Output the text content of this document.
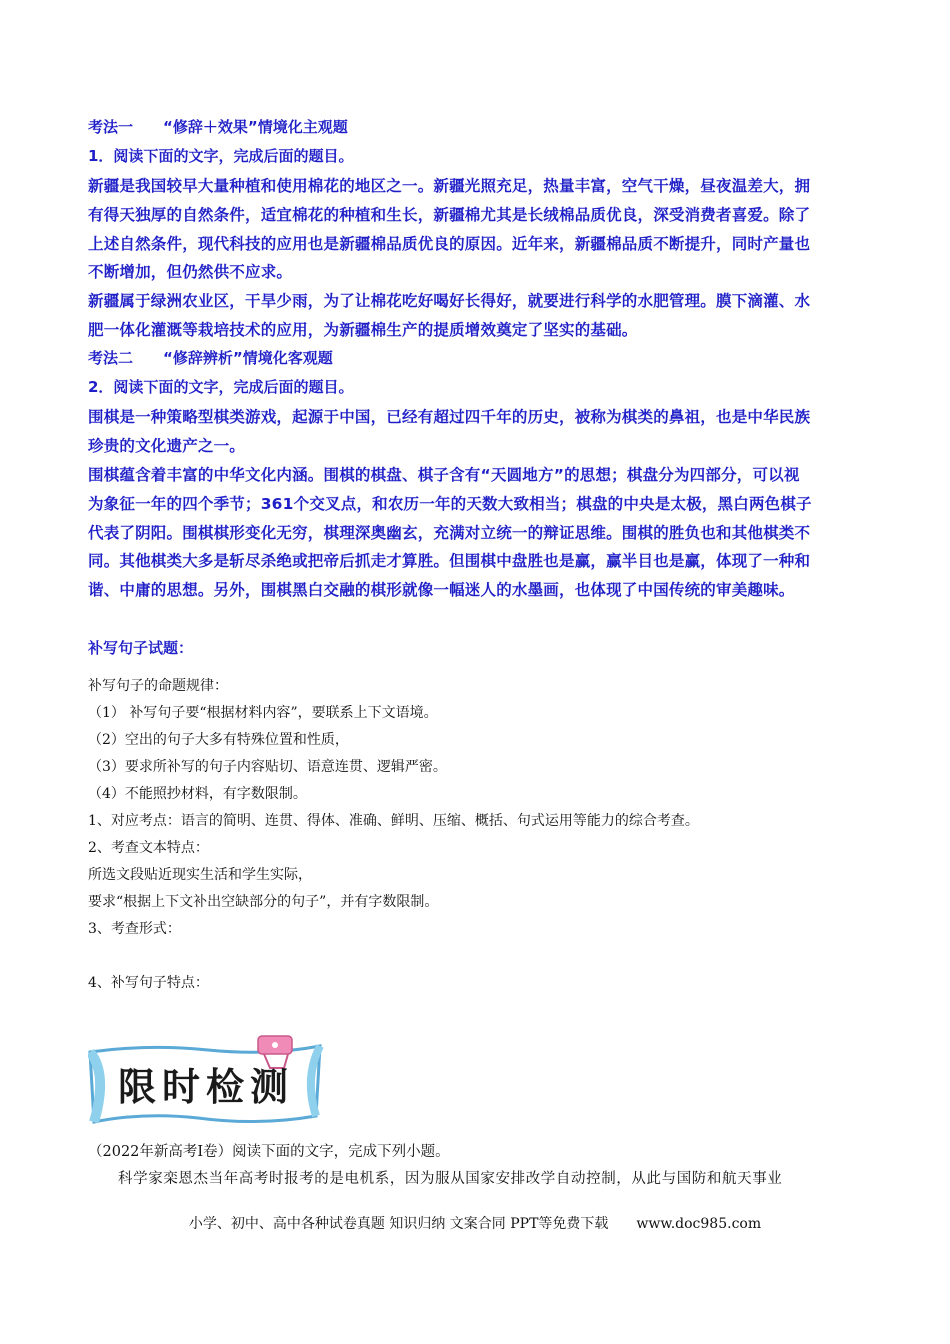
考法一 “修辞＋效果”情境化主观题
1．阅读下面的文字，完成后面的题目。
新疆是我国较早大量种植和使用棉花的地区之一。新疆光照充足，热量丰富，空气干燥，昼夜温差大，拥
有得天独厚的自然条件，适宜棉花的种植和生长，新疆棉尤其是长绒棉品质优良，深受消费者喜爱。除了
上述自然条件，现代科技的应用也是新疆棉品质优良的原因。近年来，新疆棉品质不断提升，同时产量也
不断增加，但仍然供不应求。
新疆属于绿洲农业区，干旱少雨，为了让棉花吃好喝好长得好，就要进行科学的水肥管理。膜下滴灌、水
肥一体化灌溉等栽培技术的应用，为新疆棉生产的提质增效奠定了坚实的基础。
考法二 “修辞辨析”情境化客观题
2．阅读下面的文字，完成后面的题目。
围棋是一种策略型棋类游戏，起源于中国，已经有超过四千年的历史，被称为棋类的鼻祖，也是中华民族
珍贵的文化遗产之一。
围棋蕴含着丰富的中华文化内涵。围棋的棋盘、棋子含有“天圆地方”的思想；棋盘分为四部分，可以视
为象征一年的四个季节；361个交叉点，和农历一年的天数大致相当；棋盘的中央是太极，黑白两色棋子
代表了阴阳。围棋棋形变化无穷，棋理深奥幽玄，充满对立统一的辩证思维。围棋的胜负也和其他棋类不
同。其他棋类大多是斩尽杀绝或把帝后抓走才算胜。但围棋中盘胜也是赢，赢半目也是赢，体现了一种和
谐、中庸的思想。另外，围棋黑白交融的棋形就像一幅迷人的水墨画，也体现了中国传统的审美趣味。
补写句子试题：
补写句子的命题规律：
（1） 补写句子要“根据材料内容”，要联系上下文语境。
（2）空出的句子大多有特殊位置和性质，
（3）要求所补写的句子内容贴切、语意连贯、逻辑严密。
（4）不能照抄材料，有字数限制。
1、对应考点：语言的简明、连贯、得体、准确、鲜明、压缩、概括、句式运用等能力的综合考查。
2、考查文本特点：
所选文段贴近现实生活和学生实际，
要求“根据上下文补出空缺部分的句子”，并有字数限制。
3、考查形式：
4、补写句子特点：
限时检测
（2022年新高考I卷）阅读下面的文字，完成下列小题。
科学家栾恩杰当年高考时报考的是电机系，因为服从国家安排改学自动控制，从此与国防和航天事业
小学、初中、高中各种试卷真题 知识归纳 文案合同 PPT等免费下载 www.doc985.com
